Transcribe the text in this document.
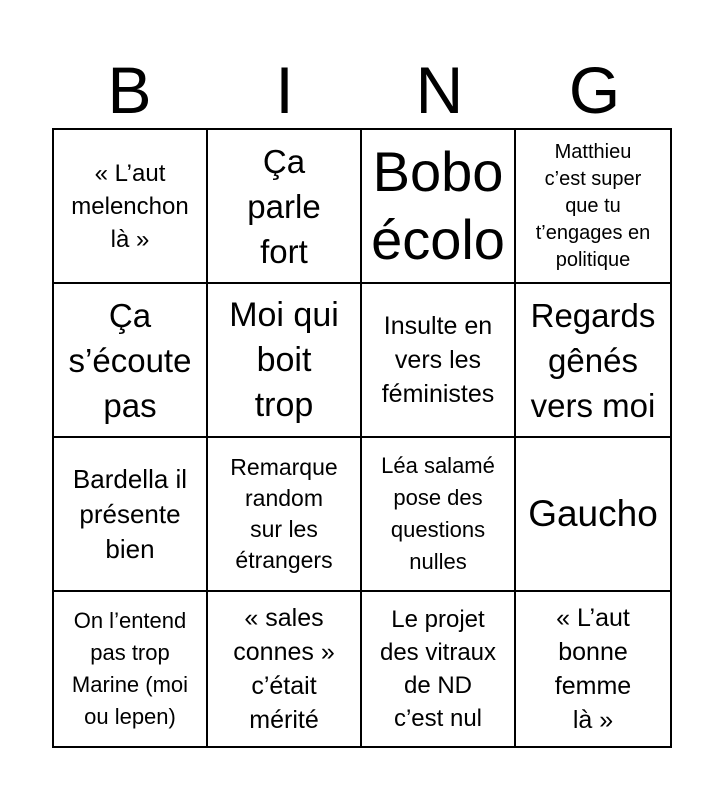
B	I	N	G
« L’aut
melenchon
là »
Ça
parle
fort
Bobo
écolo
Matthieu
c’est super
que tu
t’engages en
politique
Ça
s’écoute
pas
Moi qui
boit
trop
Insulte en
vers les
féministes
Regards
gênés
vers moi
Bardella il
présente
bien
Remarque
random
sur les
étrangers
Léa salamé
pose des
questions
nulles
Gaucho
On l’entend
pas trop
Marine (moi
ou lepen)
« sales
connes »
c’était
mérité
Le projet
des vitraux
de ND
c’est nul
« L’aut
bonne
femme
là »
